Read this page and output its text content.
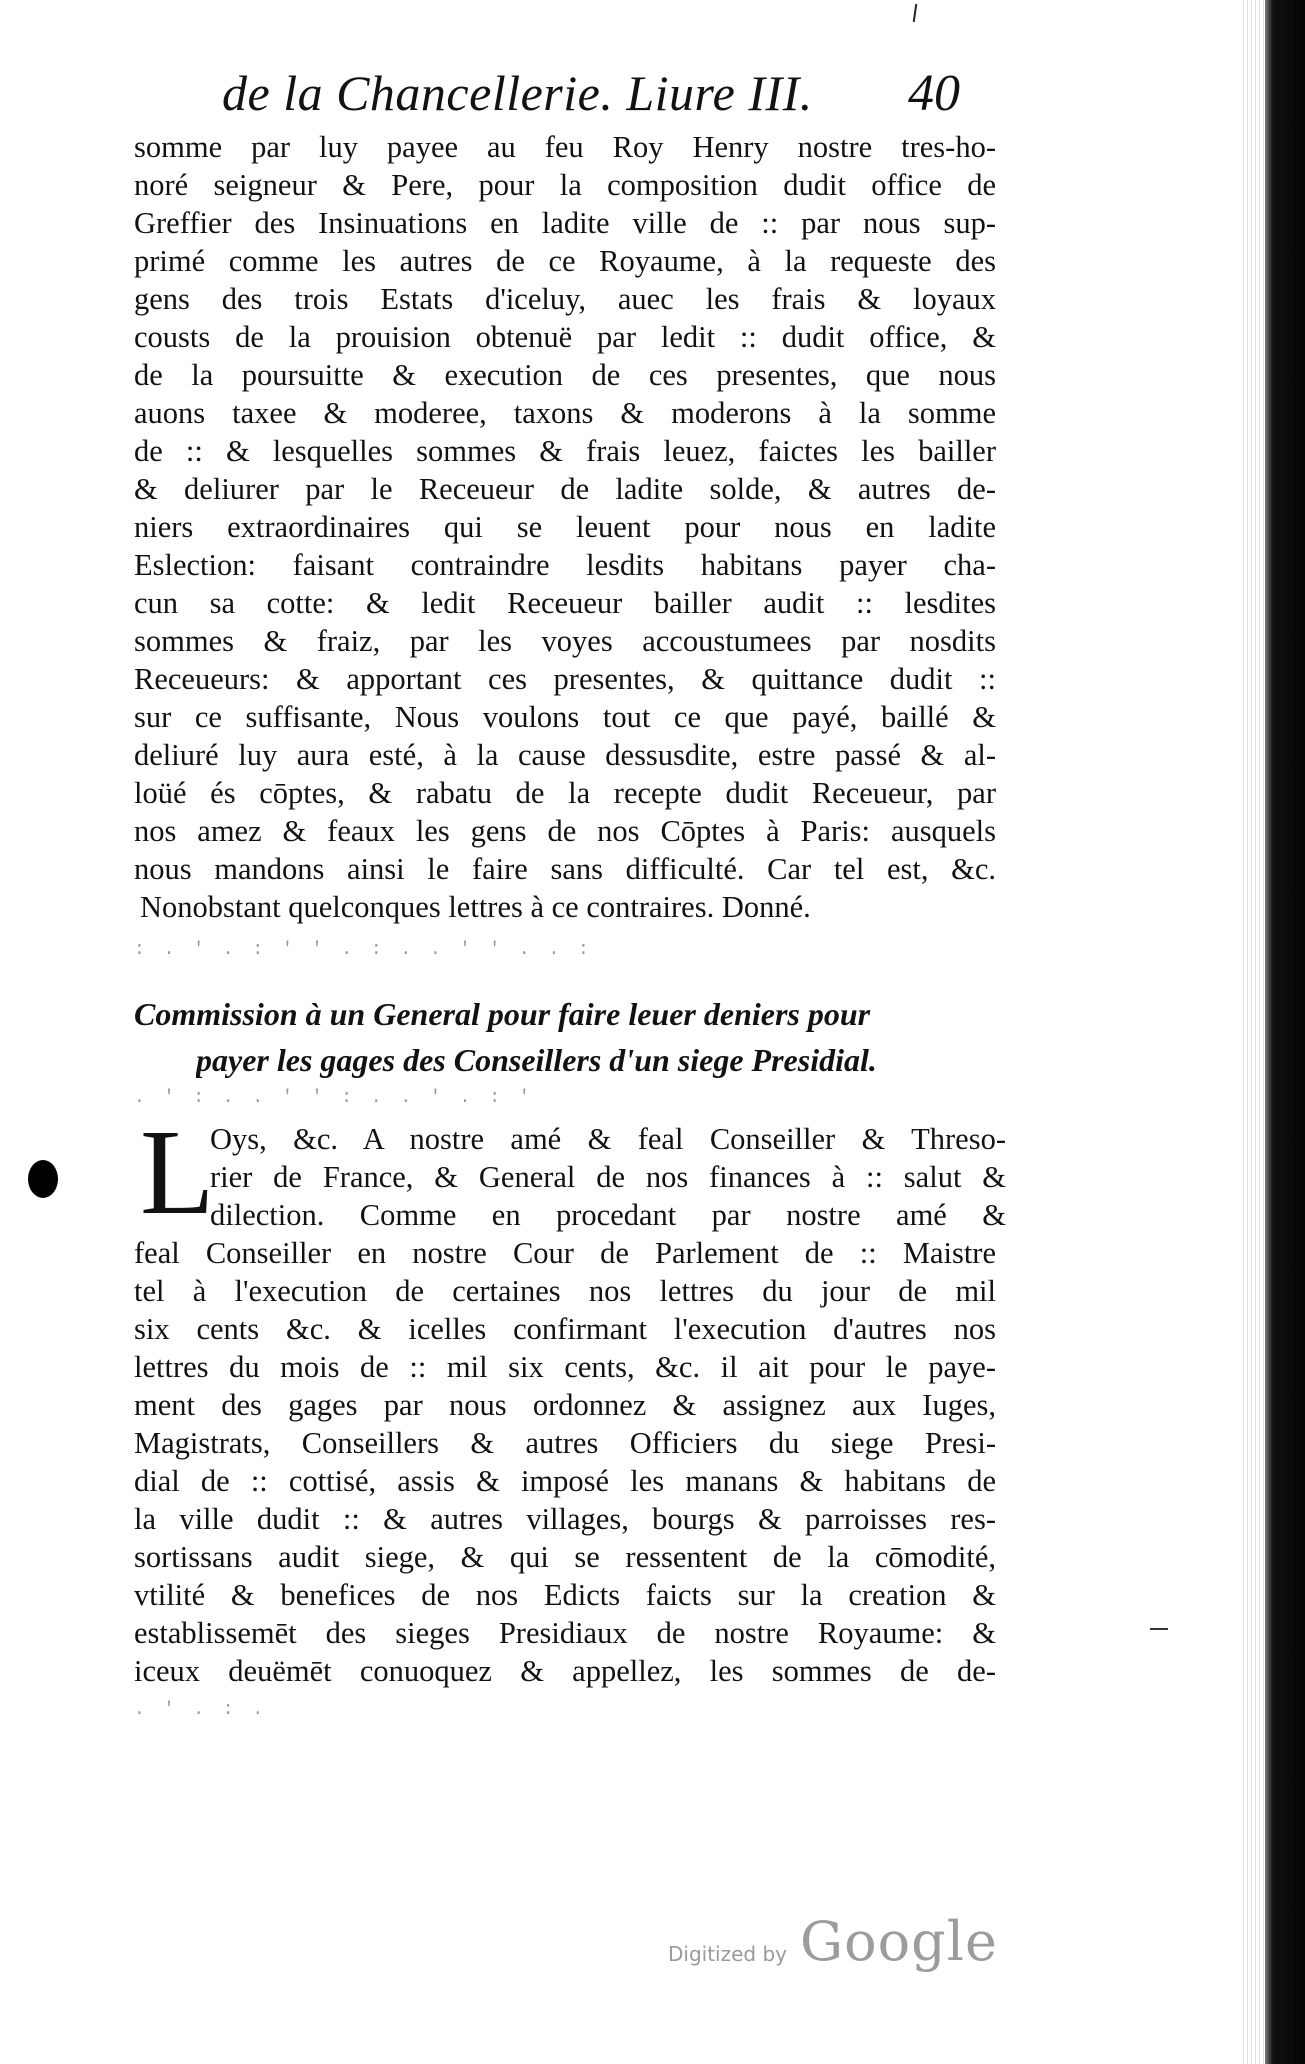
de la Chancellerie. Liure III. 40
somme par luy payee au feu Roy Henry nostre tres-ho-
noré seigneur & Pere, pour la composition dudit office de
Greffier des Insinuations en ladite ville de :: par nous sup-
primé comme les autres de ce Royaume, à la requeste des
gens des trois Estats d'iceluy, auec les frais & loyaux
cousts de la prouision obtenuë par ledit :: dudit office, &
de la poursuitte & execution de ces presentes, que nous
auons taxee & moderee, taxons & moderons à la somme
de :: & lesquelles sommes & frais leuez, faictes les bailler
& deliurer par le Receueur de ladite solde, & autres de-
niers extraordinaires qui se leuent pour nous en ladite
Eslection: faisant contraindre lesdits habitans payer cha-
cun sa cotte: & ledit Receueur bailler audit :: lesdites
sommes & fraiz, par les voyes accoustumees par nosdits
Receueurs: & apportant ces presentes, & quittance dudit ::
sur ce suffisante, Nous voulons tout ce que payé, baillé &
deliuré luy aura esté, à la cause dessusdite, estre passé & al-
loüé és cōptes, & rabatu de la recepte dudit Receueur, par
nos amez & feaux les gens de nos Cōptes à Paris: ausquels
nous mandons ainsi le faire sans difficulté. Car tel est, &c.
Nonobstant quelconques lettres à ce contraires. Donné.
: . ' . : ' ' . : . . ' ' . . :
Commission à un General pour faire leuer deniers pour
payer les gages des Conseillers d'un siege Presidial.
. ' : . . ' ' : . . ' . : '
L
Oys, &c. A nostre amé & feal Conseiller & Threso-
rier de France, & General de nos finances à :: salut &
dilection. Comme en procedant par nostre amé &
feal Conseiller en nostre Cour de Parlement de :: Maistre
tel à l'execution de certaines nos lettres du jour de mil
six cents &c. & icelles confirmant l'execution d'autres nos
lettres du mois de :: mil six cents, &c. il ait pour le paye-
ment des gages par nous ordonnez & assignez aux Iuges,
Magistrats, Conseillers & autres Officiers du siege Presi-
dial de :: cottisé, assis & imposé les manans & habitans de
la ville dudit :: & autres villages, bourgs & parroisses res-
sortissans audit siege, & qui se ressentent de la cōmodité,
vtilité & benefices de nos Edicts faicts sur la creation &
establissemēt des sieges Presidiaux de nostre Royaume: &
iceux deuëmēt conuoquez & appellez, les sommes de de-
. ' . : .
Digitized by Google
